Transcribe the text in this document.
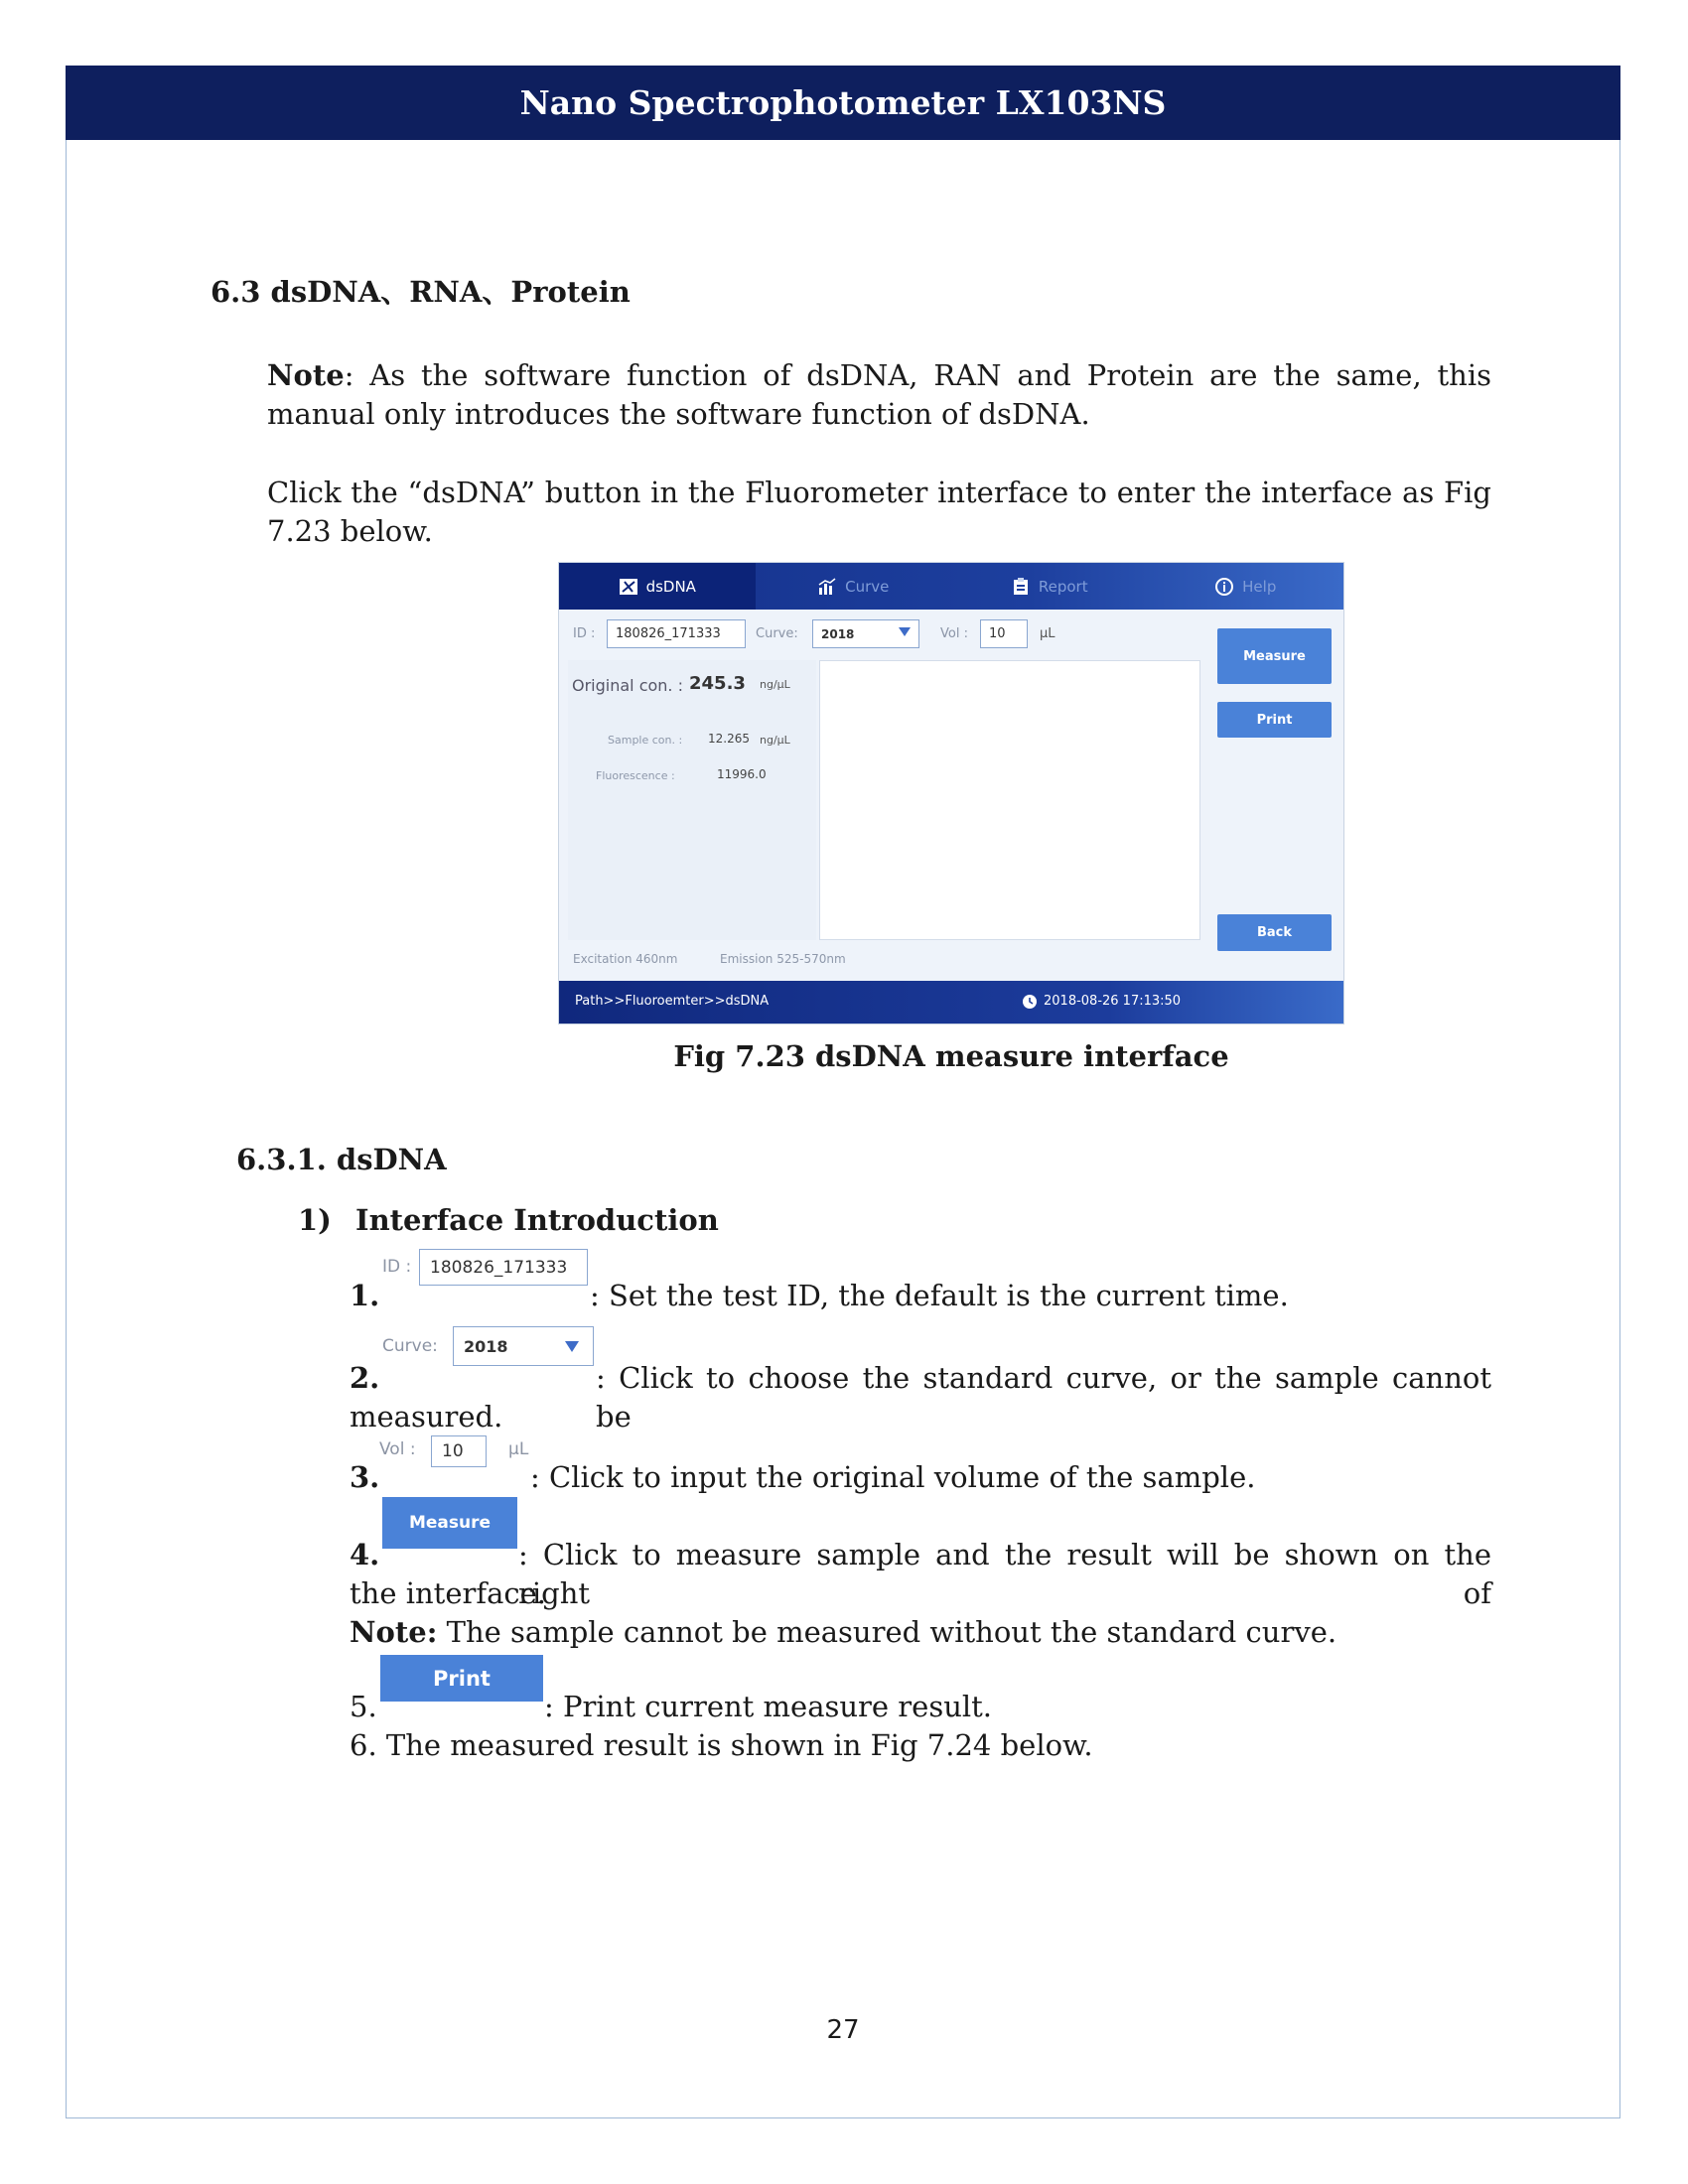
Nano Spectrophotometer LX103NS
6.3 dsDNA、RNA、Protein
Note: As the software function of dsDNA, RAN and Protein are the same, this manual only introduces the software function of dsDNA.
Click the “dsDNA” button in the Fluorometer interface to enter the interface as Fig 7.23 below.
dsDNA	Curve	Report	Help
ID :	180826_171333	Curve: 2018	Vol :	10	µL
Original con. : 245.3 ng/µL
Sample con. : 12.265 ng/µL
Fluorescence :	11996.0
Measure
Print
Back
Excitation 460nm	Emission 525-570nm
Path>>Fluoroemter>>dsDNA	2018-08-26 17:13:50
Fig 7.23 dsDNA measure interface
6.3.1. dsDNA
1) Interface Introduction
1.
ID :	180826_171333
: Set the test ID, the default is the current time.
2.
Curve: 2018
: Click to choose the standard curve, or the sample cannot be
measured.
3.
Vol :	10	µL
: Click to input the original volume of the sample.
4.
Measure
: Click to measure sample and the result will be shown on the right of
the interface.
Note: The sample cannot be measured without the standard curve.
5.
Print
: Print current measure result.
6. The measured result is shown in Fig 7.24 below.
27
